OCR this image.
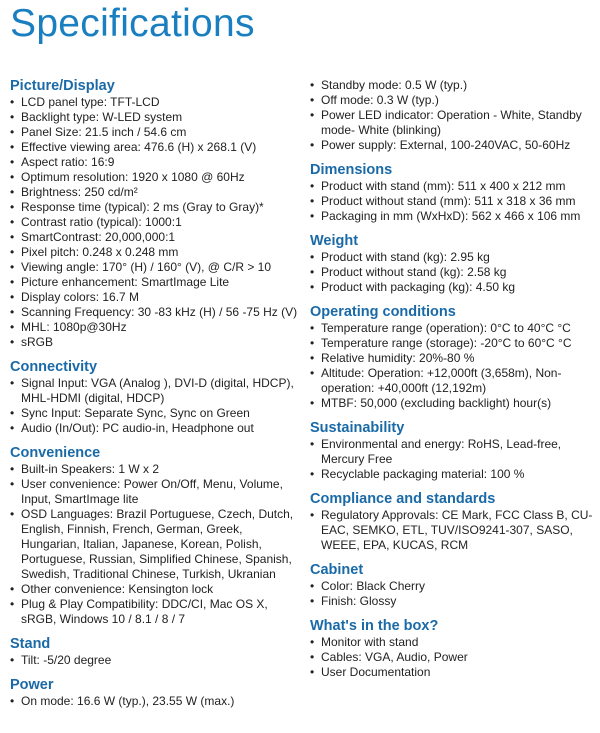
Specifications
Picture/Display
• LCD panel type: TFT-LCD
• Backlight type: W-LED system
• Panel Size: 21.5 inch / 54.6 cm
• Effective viewing area: 476.6 (H) x 268.1 (V)
• Aspect ratio: 16:9
• Optimum resolution: 1920 x 1080 @ 60Hz
• Brightness: 250 cd/m²
• Response time (typical): 2 ms (Gray to Gray)*
• Contrast ratio (typical): 1000:1
• SmartContrast: 20,000,000:1
• Pixel pitch: 0.248 x 0.248 mm
• Viewing angle: 170° (H) / 160° (V), @ C/R > 10
• Picture enhancement: SmartImage Lite
• Display colors: 16.7 M
• Scanning Frequency: 30 -83 kHz (H) / 56 -75 Hz (V)
• MHL: 1080p@30Hz
• sRGB
Connectivity
• Signal Input: VGA (Analog ), DVI-D (digital, HDCP), MHL-HDMI (digital, HDCP)
• Sync Input: Separate Sync, Sync on Green
• Audio (In/Out): PC audio-in, Headphone out
Convenience
• Built-in Speakers: 1 W x 2
• User convenience: Power On/Off, Menu, Volume, Input, SmartImage lite
• OSD Languages: Brazil Portuguese, Czech, Dutch, English, Finnish, French, German, Greek, Hungarian, Italian, Japanese, Korean, Polish, Portuguese, Russian, Simplified Chinese, Spanish, Swedish, Traditional Chinese, Turkish, Ukranian
• Other convenience: Kensington lock
• Plug & Play Compatibility: DDC/CI, Mac OS X, sRGB, Windows 10 / 8.1 / 8 / 7
Stand
• Tilt: -5/20 degree
Power
• On mode: 16.6 W (typ.), 23.55 W (max.)
• Standby mode: 0.5 W (typ.)
• Off mode: 0.3 W (typ.)
• Power LED indicator: Operation - White, Standby mode- White (blinking)
• Power supply: External, 100-240VAC, 50-60Hz
Dimensions
• Product with stand (mm): 511 x 400 x 212 mm
• Product without stand (mm): 511 x 318 x 36 mm
• Packaging in mm (WxHxD): 562 x 466 x 106 mm
Weight
• Product with stand (kg): 2.95 kg
• Product without stand (kg): 2.58 kg
• Product with packaging (kg): 4.50 kg
Operating conditions
• Temperature range (operation): 0°C to 40°C °C
• Temperature range (storage): -20°C to 60°C °C
• Relative humidity: 20%-80 %
• Altitude: Operation: +12,000ft (3,658m), Non-operation: +40,000ft (12,192m)
• MTBF: 50,000 (excluding backlight) hour(s)
Sustainability
• Environmental and energy: RoHS, Lead-free, Mercury Free
• Recyclable packaging material: 100 %
Compliance and standards
• Regulatory Approvals: CE Mark, FCC Class B, CU-EAC, SEMKO, ETL, TUV/ISO9241-307, SASO, WEEE, EPA, KUCAS, RCM
Cabinet
• Color: Black Cherry
• Finish: Glossy
What's in the box?
• Monitor with stand
• Cables: VGA, Audio, Power
• User Documentation
